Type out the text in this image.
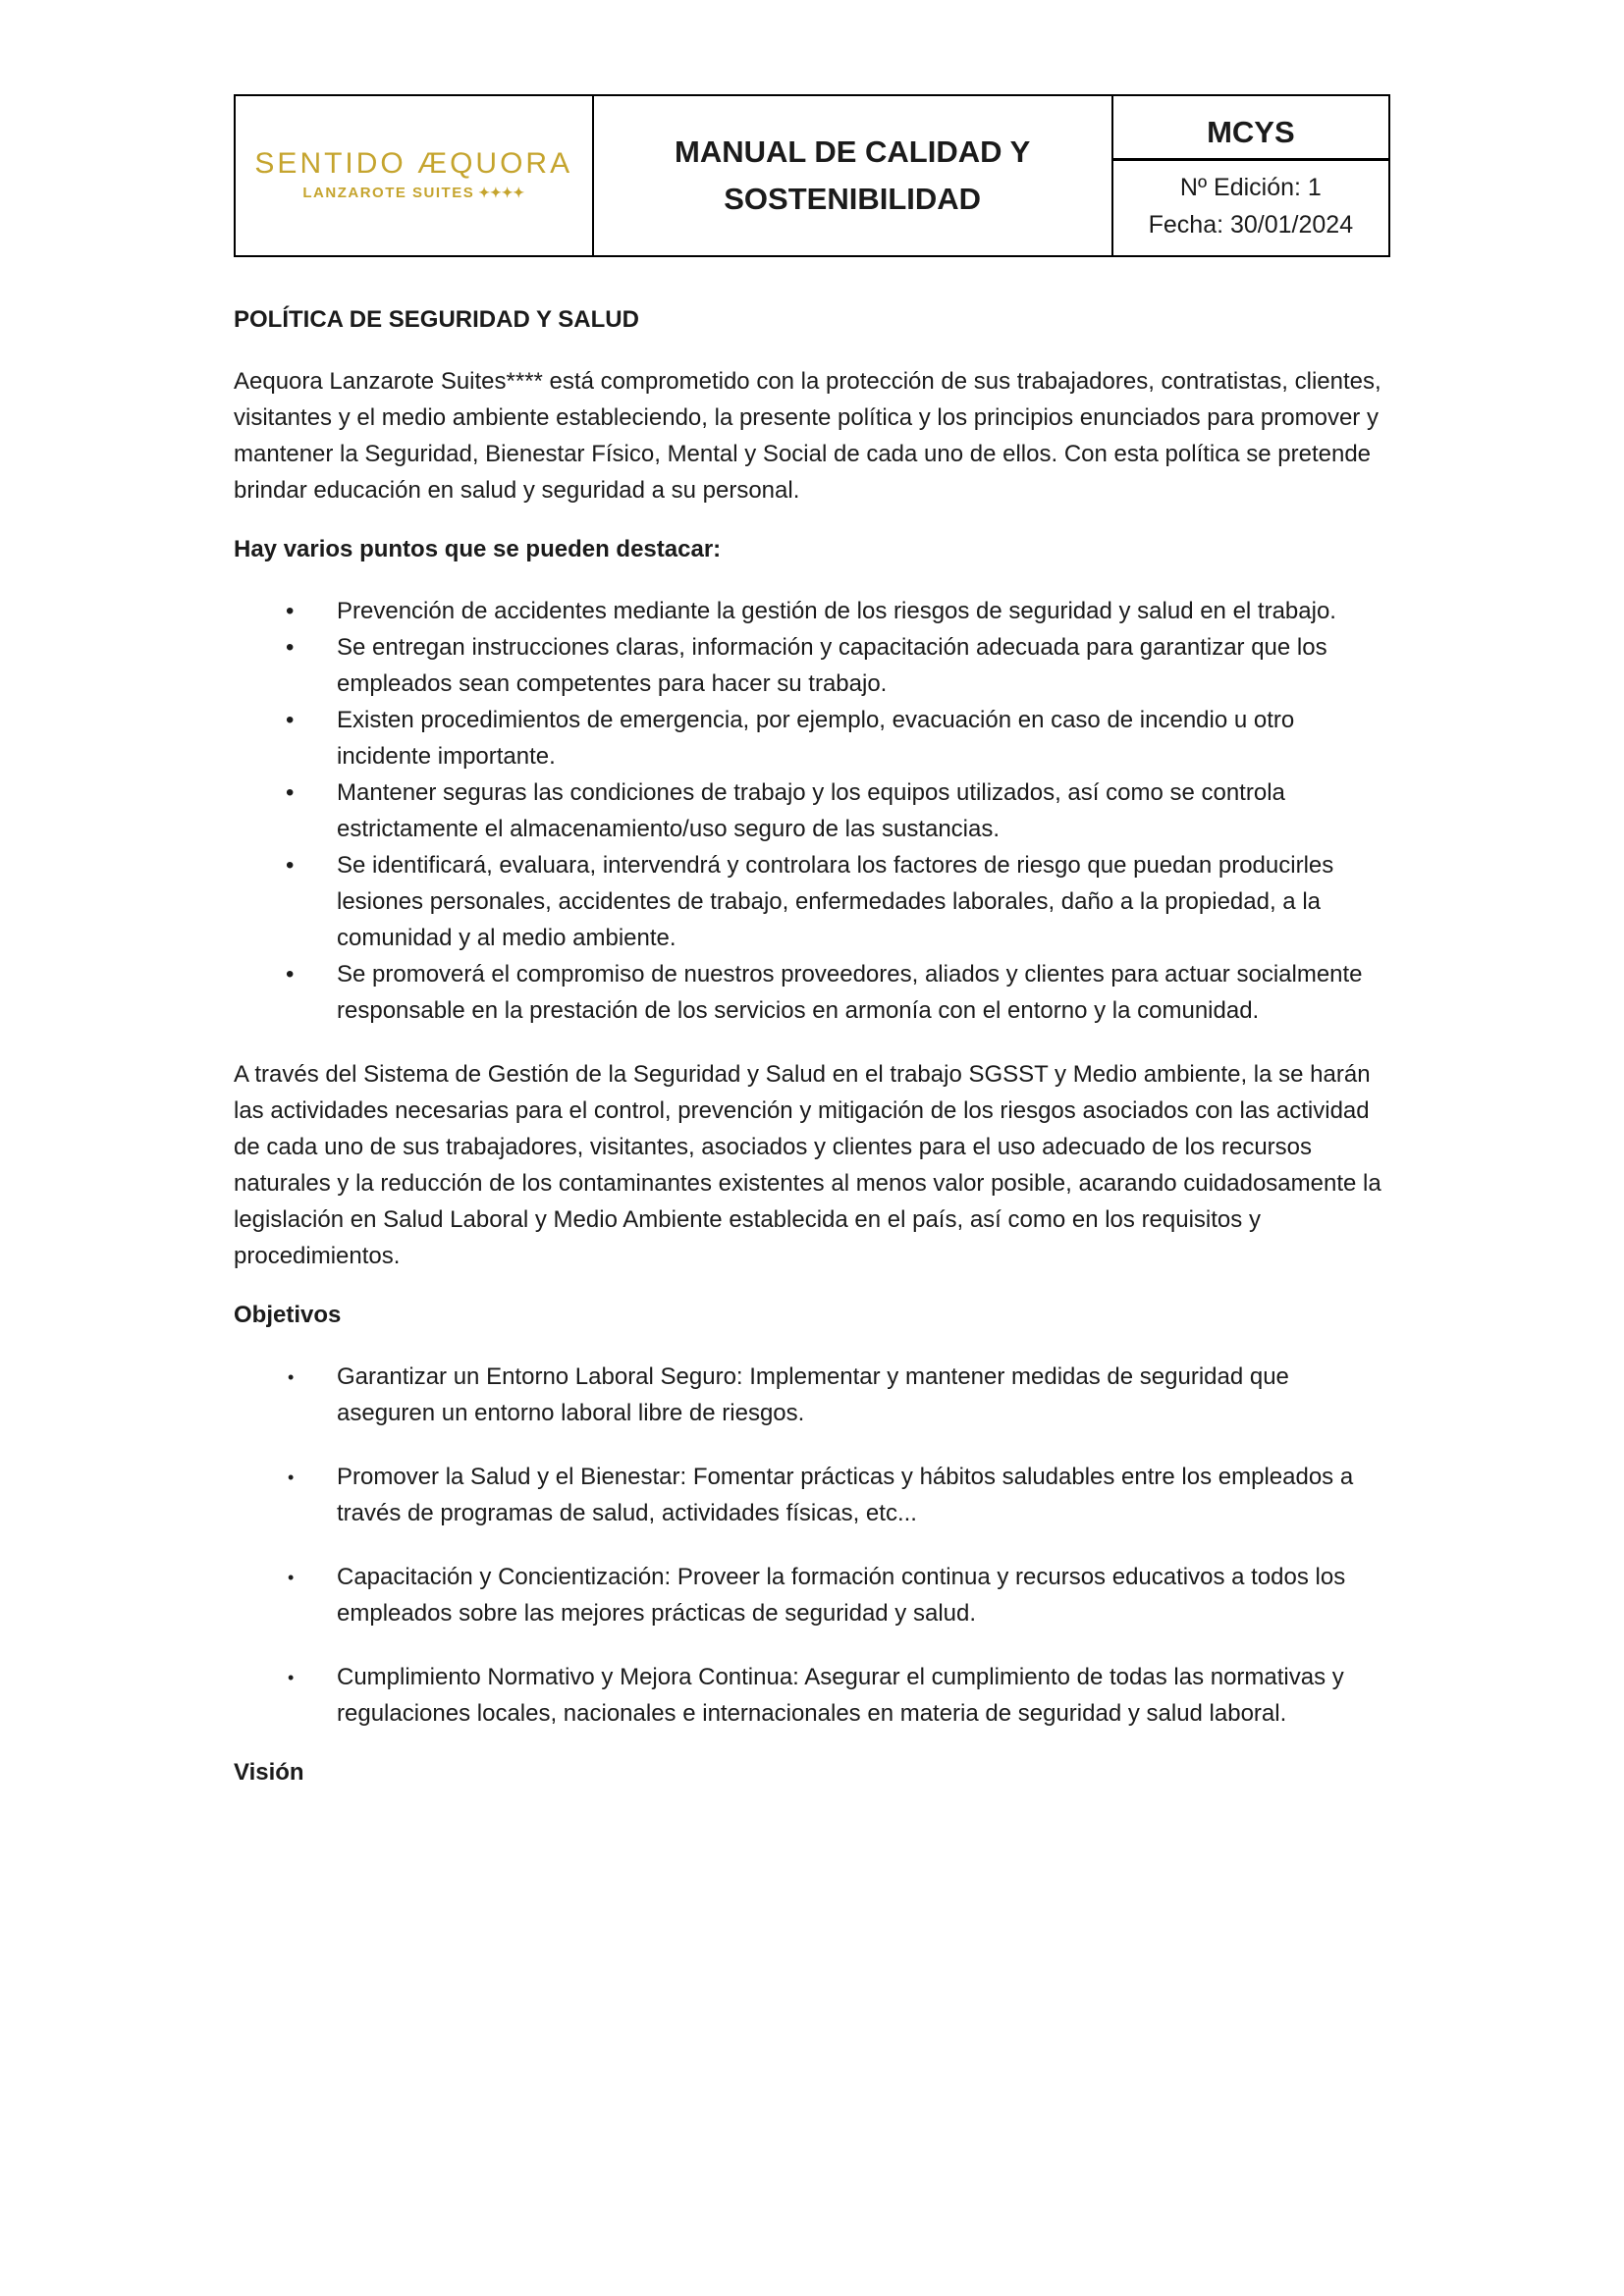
SENTIDO ÆQUORA
LANZAROTE SUITES ✦✦✦✦

MANUAL DE CALIDAD Y SOSTENIBILIDAD

MCYS
Nº Edición: 1
Fecha: 30/01/2024
POLÍTICA DE SEGURIDAD Y SALUD

Aequora Lanzarote Suites**** está comprometido con la protección de sus trabajadores, contratistas, clientes, visitantes y el medio ambiente estableciendo, la presente política y los principios enunciados para promover y mantener la Seguridad, Bienestar Físico, Mental y Social de cada uno de ellos. Con esta política se pretende brindar educación en salud y seguridad a su personal.

Hay varios puntos que se pueden destacar:
• Prevención de accidentes mediante la gestión de los riesgos de seguridad y salud en el trabajo.
• Se entregan instrucciones claras, información y capacitación adecuada para garantizar que los empleados sean competentes para hacer su trabajo.
• Existen procedimientos de emergencia, por ejemplo, evacuación en caso de incendio u otro incidente importante.
• Mantener seguras las condiciones de trabajo y los equipos utilizados, así como se controla estrictamente el almacenamiento/uso seguro de las sustancias.
• Se identificará, evaluara, intervendrá y controlara los factores de riesgo que puedan producirles lesiones personales, accidentes de trabajo, enfermedades laborales, daño a la propiedad, a la comunidad y al medio ambiente.
• Se promoverá el compromiso de nuestros proveedores, aliados y clientes para actuar socialmente responsable en la prestación de los servicios en armonía con el entorno y la comunidad.

A través del Sistema de Gestión de la Seguridad y Salud en el trabajo SGSST y Medio ambiente, la se harán las actividades necesarias para el control, prevención y mitigación de los riesgos asociados con las actividad de cada uno de sus trabajadores, visitantes, asociados y clientes para el uso adecuado de los recursos naturales y la reducción de los contaminantes existentes al menos valor posible, acarando cuidadosamente la legislación en Salud Laboral y Medio Ambiente establecida en el país, así como en los requisitos y procedimientos.

Objetivos
• Garantizar un Entorno Laboral Seguro: Implementar y mantener medidas de seguridad que aseguren un entorno laboral libre de riesgos.
• Promover la Salud y el Bienestar: Fomentar prácticas y hábitos saludables entre los empleados a través de programas de salud, actividades físicas, etc...
• Capacitación y Concientización: Proveer la formación continua y recursos educativos a todos los empleados sobre las mejores prácticas de seguridad y salud.
• Cumplimiento Normativo y Mejora Continua: Asegurar el cumplimiento de todas las normativas y regulaciones locales, nacionales e internacionales en materia de seguridad y salud laboral.
Visión
